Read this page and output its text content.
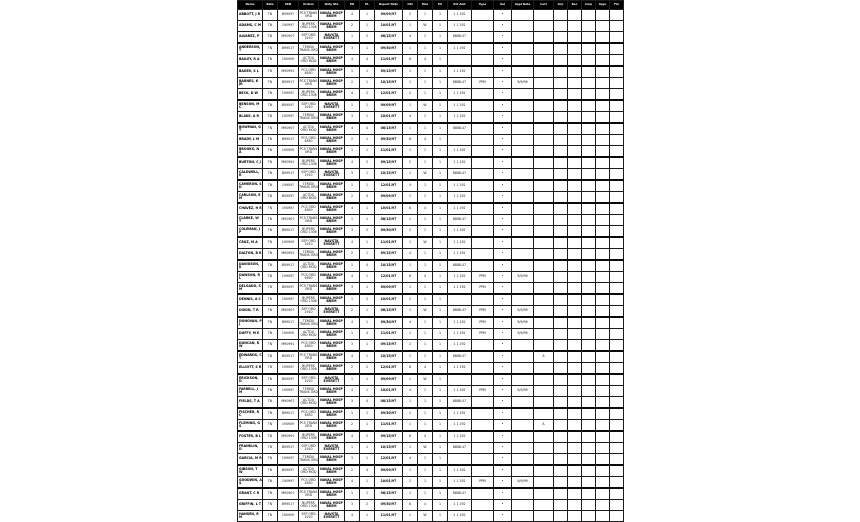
Name	Rate	SSN	Orders	Duty Sta	PG	PL	Report Date	Obl	Mos	Pri	Est Amt	Type	Sel	Appl Date	Cert	Grp	Rec	Cmp	Appr	Fin
ABBOTT, J R	TN	B09097	PCS TRANS ORD	NAVAL HOSP BREM	4	1	09/09/97	2	1	1	1 1 192		•							
ADAMS, C M	TN	190997	BUPERS ORD 1306	NAVAL HOSP BREM	2	1	10/01/97	1	W	1	1 1 192		•							
ALVAREZ, P	TN	M90907	SEP ORD 1910	NAVSTA EVERETT	1	2	08/15/97	4	1	1	8888.47		•							
ANDERSON, T	TN	B99017	TEMDU TRANS ORD	NAVAL HOSP BREM	3	1	09/30/97	1	1	1	1 1 192		•							
BAILEY, R A	TN	190909	ACTDU ORD MOD	NAVAL HOSP BREM	4	4	11/01/97	8	4	1			•							
BAKER, S L	TN	M90991	PCS ORD 4650	NAVAL HOSP BREM	1	1	09/15/97	1	1	1	1 1 192		•							
BARNES, K JR	TN	B09917	PCS TRANS ORD	NAVAL HOSP BREM	2	1	10/15/97	1	1	1	8888.47	PPM	•	9/9/99						
BECK, D W	TN	199097	BUPERS ORD 1306	NAVAL HOSP BREM	4	2	12/01/97	2	1	1	1 1 192		•							
BENSON, M C	TN	B09097	SEP ORD 1910	NAVSTA EVERETT	1	1	09/09/97	1	W	1	1 1 192		•							
BLAKE, A R	TN	190997	TEMDU TRANS ORD	NAVAL HOSP BREM	3	1	10/01/97	4	1	1	1 1 192		•							
BOWMAN, G T	TN	M90907	ACTDU ORD MOD	NAVAL HOSP BREM	4	4	08/15/97	1	1	1	8888.47		•							
BRADY, L M	TN	B99017	PCS ORD 4650	NAVAL HOSP BREM	2	1	09/30/97	8	4	1			•							
BROOKS, N A	TN	190909	PCS TRANS ORD	NAVAL HOSP BREM	1	1	11/01/97	1	1	1	1 1 192		•							
BURTON, C J	TN	M90991	BUPERS ORD 1306	NAVAL HOSP BREM	4	2	09/15/97	2	1	1	1 1 192		•							
CALDWELL, R	TN	B09917	SEP ORD 1910	NAVSTA EVERETT	3	1	10/15/97	1	W	1	8888.47		•							
CAMERON, S D	TN	199097	TEMDU TRANS ORD	NAVAL HOSP BREM	1	1	12/01/97	4	1	1	1 1 192		•							
CARLSON, E M	TN	B09097	ACTDU ORD MOD	NAVAL HOSP BREM	2	4	09/09/97	1	1	1	1 1 192		•							
CHAVEZ, H R	TN	190997	PCS ORD 4650	NAVAL HOSP BREM	4	1	10/01/97	8	4	1	1 1 192		•							
CLARKE, W T	TN	M90907	PCS TRANS ORD	NAVAL HOSP BREM	1	1	08/15/97	1	1	1	8888.47		•							
COLEMAN, J P	TN	B99017	BUPERS ORD 1306	NAVAL HOSP BREM	3	2	09/30/97	2	1	1	1 1 192		•							
CRUZ, M A	TN	190909	SEP ORD 1910	NAVSTA EVERETT	4	1	11/01/97	1	W	1	1 1 192		•							
DALTON, B R	TN	M90991	TEMDU TRANS ORD	NAVAL HOSP BREM	2	1	09/15/97	4	1	1	1 1 192		•							
DAVIDSON, K	TN	B09917	ACTDU ORD MOD	NAVAL HOSP BREM	1	4	10/15/97	1	1	1	8888.47		•							
DAWSON, R L	TN	199097	PCS ORD 4650	NAVAL HOSP BREM	4	1	12/01/97	8	4	1	1 1 192	PPM	•	9/9/99						
DELGADO, S M	TN	B09097	PCS TRANS ORD	NAVAL HOSP BREM	3	1	09/09/97	1	1	1	1 1 192	PPM	•							
DENNIS, A C	TN	190997	BUPERS ORD 1306	NAVAL HOSP BREM	1	2	10/01/97	2	1	1			•							
DIXON, T R	TN	M90907	SEP ORD 1910	NAVSTA EVERETT	2	1	08/15/97	1	W	1	8888.47	PPM	•	9/9/99						
DONOVAN, P J	TN	B99017	TEMDU TRANS ORD	NAVAL HOSP BREM	4	1	09/30/97	4	1	1	1 1 192	PPM	•	9/9/99						
DUFFY, M E	TN	190909	ACTDU ORD MOD	NAVAL HOSP BREM	1	4	11/01/97	1	1	1	1 1 192	PPM	•	9/9/99						
DUNCAN, R W	TN	M90991	PCS ORD 4650	NAVAL HOSP BREM	3	1	09/15/97	2	1	1	1 1 192		•							
EDWARDS, C T	TN	B09917	PCS TRANS ORD	NAVAL HOSP BREM	4	1	10/15/97	1	1	1	8888.47		•		A					
ELLIOTT, S R	TN	199097	BUPERS ORD 1306	NAVAL HOSP BREM	2	2	12/01/97	8	4	1	1 1 192		•							
ERICKSON, D	TN	B09097	SEP ORD 1910	NAVSTA EVERETT	1	1	09/09/97	1	W	1			•							
FARRELL, J M	TN	190997	TEMDU TRANS ORD	NAVAL HOSP BREM	4	1	10/01/97	4	1	1	1 1 192	PPM	•	9/9/99						
FIELDS, T A	TN	M90907	ACTDU ORD MOD	NAVAL HOSP BREM	3	4	08/15/97	1	1	1	8888.47		•							
FISCHER, R C	TN	B99017	PCS ORD 4650	NAVAL HOSP BREM	1	1	09/30/97	2	1	1	1 1 192		•							
FLEMING, G S	TN	190909	PCS TRANS ORD	NAVAL HOSP BREM	2	1	11/01/97	1	1	1	1 1 192		•		A					
FOSTER, B L	TN	M90991	BUPERS ORD 1306	NAVAL HOSP BREM	4	2	09/15/97	8	4	1	1 1 192		•							
FRANKLIN, D	TN	B09917	SEP ORD 1910	NAVSTA EVERETT	1	1	10/15/97	1	W	1	8888.47		•							
GARCIA, M R	TN	199097	TEMDU TRANS ORD	NAVAL HOSP BREM	3	1	12/01/97	4	1	1			•							
GIBSON, T W	TN	B09097	ACTDU ORD MOD	NAVAL HOSP BREM	2	4	09/09/97	1	1	1	1 1 192		•							
GOODWIN, A S	TN	190997	PCS ORD 4650	NAVAL HOSP BREM	4	1	10/01/97	2	1	1	1 1 192	PPM	•	9/9/99						
GRANT, C R	TN	M90907	PCS TRANS ORD	NAVAL HOSP BREM	1	1	08/15/97	1	1	1	8888.47		•							
GRIFFIN, L T	TN	B99017	BUPERS ORD 1306	NAVAL HOSP BREM	3	2	09/30/97	8	4	1	1 1 192		•							
HANSEN, R M	TN	190909	SEP ORD 1910	NAVSTA EVERETT	4	1	11/01/97	1	W	1	1 1 192		•							
